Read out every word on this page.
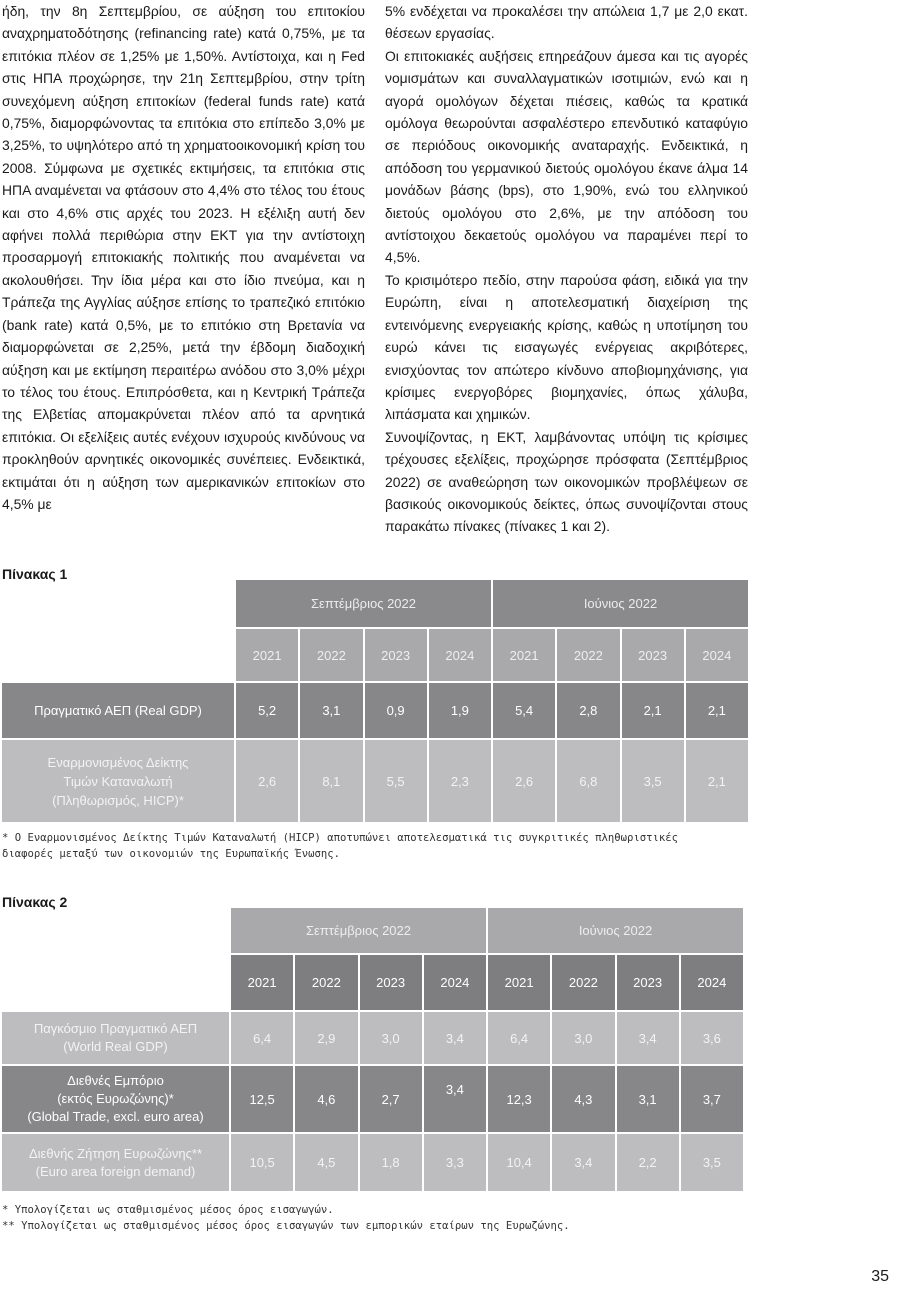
ήδη, την 8η Σεπτεμβρίου, σε αύξηση του επιτοκίου αναχρηματοδότησης (refinancing rate) κατά 0,75%, με τα επιτόκια πλέον σε 1,25% με 1,50%. Αντίστοιχα, και η Fed στις ΗΠΑ προχώρησε, την 21η Σεπτεμβρίου, στην τρίτη συνεχόμενη αύξηση επιτοκίων (federal funds rate) κατά 0,75%, διαμορφώνοντας τα επιτόκια στο επίπεδο 3,0% με 3,25%, το υψηλότερο από τη χρηματοοικονομική κρίση του 2008. Σύμφωνα με σχετικές εκτιμήσεις, τα επιτόκια στις ΗΠΑ αναμένεται να φτάσουν στο 4,4% στο τέλος του έτους και στο 4,6% στις αρχές του 2023. Η εξέλιξη αυτή δεν αφήνει πολλά περιθώρια στην ΕΚΤ για την αντίστοιχη προσαρμογή επιτοκιακής πολιτικής που αναμένεται να ακολουθήσει. Την ίδια μέρα και στο ίδιο πνεύμα, και η Τράπεζα της Αγγλίας αύξησε επίσης το τραπεζικό επιτόκιο (bank rate) κατά 0,5%, με το επιτόκιο στη Βρετανία να διαμορφώνεται σε 2,25%, μετά την έβδομη διαδοχική αύξηση και με εκτίμηση περαιτέρω ανόδου στο 3,0% μέχρι το τέλος του έτους. Επιπρόσθετα, και η Κεντρική Τράπεζα της Ελβετίας απομακρύνεται πλέον από τα αρνητικά επιτόκια. Οι εξελίξεις αυτές ενέχουν ισχυρούς κινδύνους να προκληθούν αρνητικές οικονομικές συνέπειες. Ενδεικτικά, εκτιμάται ότι η αύξηση των αμερικανικών επιτοκίων στο 4,5% με

5% ενδέχεται να προκαλέσει την απώλεια 1,7 με 2,0 εκατ. θέσεων εργασίας.

Οι επιτοκιακές αυξήσεις επηρεάζουν άμεσα και τις αγορές νομισμάτων και συναλλαγματικών ισοτιμιών, ενώ και η αγορά ομολόγων δέχεται πιέσεις, καθώς τα κρατικά ομόλογα θεωρούνται ασφαλέστερο επενδυτικό καταφύγιο σε περιόδους οικονομικής αναταραχής. Ενδεικτικά, η απόδοση του γερμανικού διετούς ομολόγου έκανε άλμα 14 μονάδων βάσης (bps), στο 1,90%, ενώ του ελληνικού διετούς ομολόγου στο 2,6%, με την απόδοση του αντίστοιχου δεκαετούς ομολόγου να παραμένει περί το 4,5%.

Το κρισιμότερο πεδίο, στην παρούσα φάση, ειδικά για την Ευρώπη, είναι η αποτελεσματική διαχείριση της εντεινόμενης ενεργειακής κρίσης, καθώς η υποτίμηση του ευρώ κάνει τις εισαγωγές ενέργειας ακριβότερες, ενισχύοντας τον απώτερο κίνδυνο αποβιομηχάνισης, για κρίσιμες ενεργοβόρες βιομηχανίες, όπως χάλυβα, λιπάσματα και χημικών.

Συνοψίζοντας, η ΕΚΤ, λαμβάνοντας υπόψη τις κρίσιμες τρέχουσες εξελίξεις, προχώρησε πρόσφατα (Σεπτέμβριος 2022) σε αναθεώρηση των οικονομικών προβλέψεων σε βασικούς οικονομικούς δείκτες, όπως συνοψίζονται στους παρακάτω πίνακες (πίνακες 1 και 2).

Πίνακας 1
	Σεπτέμβριος 2022				Ιούνιος 2022			
	2021	2022	2023	2024	2021	2022	2023	2024
Πραγματικό ΑΕΠ (Real GDP)	5,2	3,1	0,9	1,9	5,4	2,8	2,1	2,1
Εναρμονισμένος Δείκτης
Τιμών Καταναλωτή
(Πληθωρισμός, HICP)*	2,6	8,1	5,5	2,3	2,6	6,8	3,5	2,1
* Ο Εναρμονισμένος Δείκτης Τιμών Καταναλωτή (HICP) αποτυπώνει αποτελεσματικά τις συγκριτικές πληθωριστικές
διαφορές μεταξύ των οικονομιών της Ευρωπαϊκής Ένωσης.
Πίνακας 2
	Σεπτέμβριος 2022				Ιούνιος 2022			
	2021	2022	2023	2024	2021	2022	2023	2024
Παγκόσμιο Πραγματικό ΑΕΠ
(World Real GDP)	6,4	2,9	3,0	3,4	6,4	3,0	3,4	3,6
Διεθνές Εμπόριο
(εκτός Ευρωζώνης)*
(Global Trade, excl. euro area)	12,5	4,6	2,7	3,4	12,3	4,3	3,1	3,7
Διεθνής Ζήτηση Ευρωζώνης**
(Euro area foreign demand)	10,5	4,5	1,8	3,3	10,4	3,4	2,2	3,5
* Υπολογίζεται ως σταθμισμένος μέσος όρος εισαγωγών.
** Υπολογίζεται ως σταθμισμένος μέσος όρος εισαγωγών των εμπορικών εταίρων της Ευρωζώνης.
35
